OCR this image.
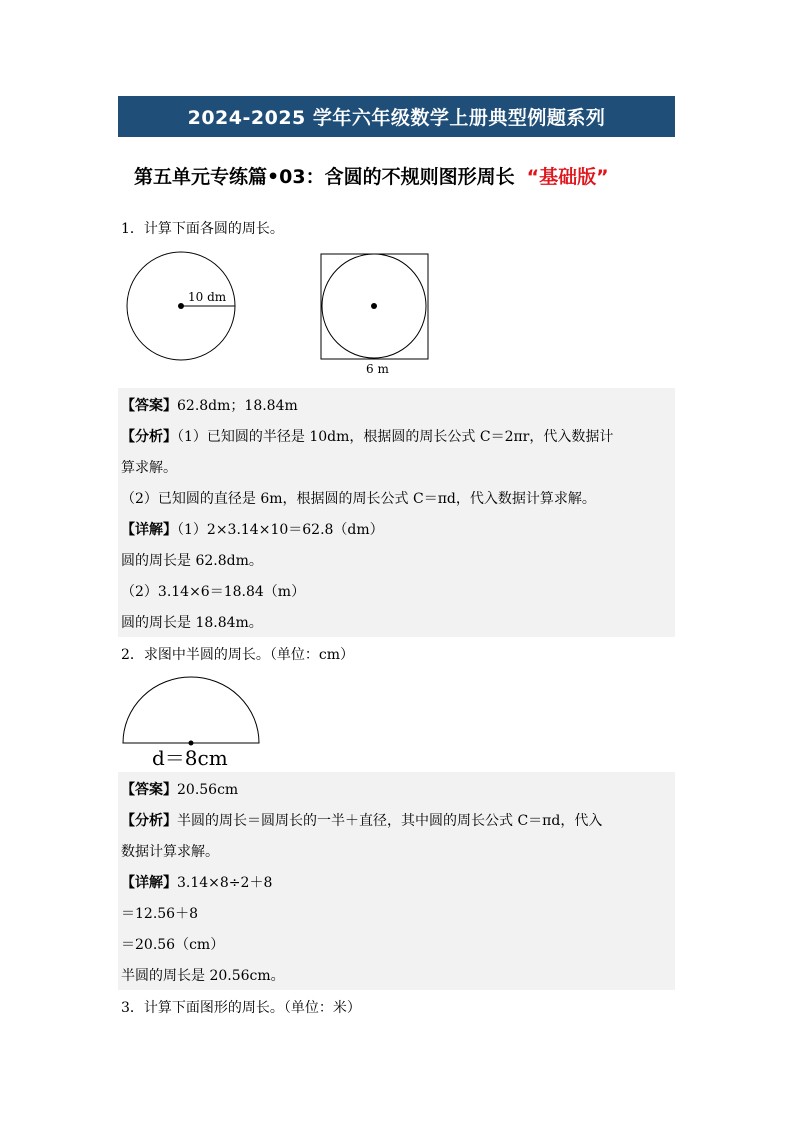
2024-2025 学年六年级数学上册典型例题系列
第五单元专练篇•03：含圆的不规则图形周长 “基础版”
1．计算下面各圆的周长。
10 dm
6 m
【答案】62.8dm；18.84m
【分析】（1）已知圆的半径是 10dm，根据圆的周长公式 C＝2πr，代入数据计
算求解。
（2）已知圆的直径是 6m，根据圆的周长公式 C＝πd，代入数据计算求解。
【详解】（1）2×3.14×10＝62.8（dm）
圆的周长是 62.8dm。
（2）3.14×6＝18.84（m）
圆的周长是 18.84m。
2．求图中半圆的周长。（单位：cm）
d＝8cm
【答案】20.56cm
【分析】半圆的周长＝圆周长的一半＋直径，其中圆的周长公式 C＝πd，代入
数据计算求解。
【详解】3.14×8÷2＋8
＝12.56＋8
＝20.56（cm）
半圆的周长是 20.56cm。
3．计算下面图形的周长。（单位：米）
